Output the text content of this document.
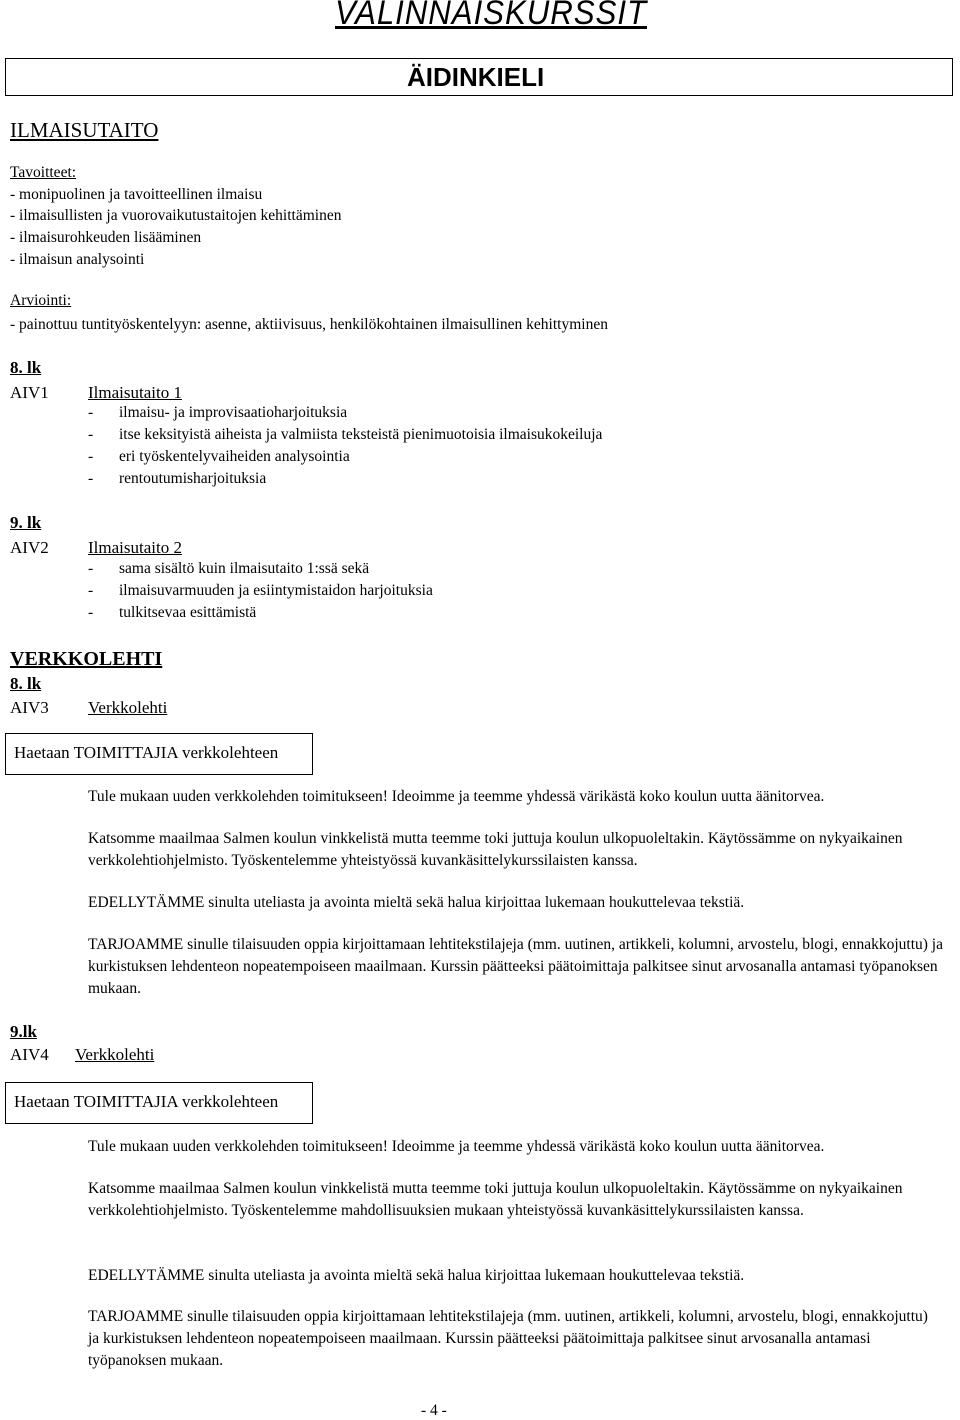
VALINNAISKURSSIT
ÄIDINKIELI
ILMAISUTAITO
Tavoitteet:
- monipuolinen ja tavoitteellinen ilmaisu
- ilmaisullisten ja vuorovaikutustaitojen kehittäminen
- ilmaisurohkeuden lisääminen
- ilmaisun analysointi
Arviointi:
- painottuu tuntityöskentelyyn: asenne, aktiivisuus, henkilökohtainen ilmaisullinen kehittyminen
8. lk
AIV1 Ilmaisutaito 1
- ilmaisu- ja improvisaatioharjoituksia
- itse keksityistä aiheista ja valmiista teksteistä pienimuotoisia ilmaisukokeiluja
- eri työskentelyvaiheiden analysointia
- rentoutumisharjoituksia
9. lk
AIV2 Ilmaisutaito 2
- sama sisältö kuin ilmaisutaito 1:ssä sekä
- ilmaisuvarmuuden ja esiintymistaidon harjoituksia
- tulkitsevaa esittämistä
VERKKOLEHTI
8. lk
AIV3 Verkkolehti
Haetaan TOIMITTAJIA verkkolehteen
Tule mukaan uuden verkkolehden toimitukseen! Ideoimme ja teemme yhdessä värikästä koko koulun uutta äänitorvea.
Katsomme maailmaa Salmen koulun vinkkelistä mutta teemme toki juttuja koulun ulkopuoleltakin. Käytössämme on nykyaikainen verkkolehtiohjelmisto. Työskentelemme yhteistyössä kuvankäsittelykurssilaisten kanssa.
EDELLYTÄMME sinulta uteliasta ja avointa mieltä sekä halua kirjoittaa lukemaan houkuttelevaa tekstiä.
TARJOAMME sinulle tilaisuuden oppia kirjoittamaan lehtitekstilajeja (mm. uutinen, artikkeli, kolumni, arvostelu, blogi, ennakkojuttu) ja kurkistuksen lehdenteon nopeatempoiseen maailmaan. Kurssin päätteeksi päätoimittaja palkitsee sinut arvosanalla antamasi työpanoksen mukaan.
9.lk
AIV4 Verkkolehti
Haetaan TOIMITTAJIA verkkolehteen
Tule mukaan uuden verkkolehden toimitukseen! Ideoimme ja teemme yhdessä värikästä koko koulun uutta äänitorvea.
Katsomme maailmaa Salmen koulun vinkkelistä mutta teemme toki juttuja koulun ulkopuoleltakin. Käytössämme on nykyaikainen verkkolehtiohjelmisto. Työskentelemme mahdollisuuksien mukaan yhteistyössä kuvankäsittelykurssilaisten kanssa.
EDELLYTÄMME sinulta uteliasta ja avointa mieltä sekä halua kirjoittaa lukemaan houkuttelevaa tekstiä.
TARJOAMME sinulle tilaisuuden oppia kirjoittamaan lehtitekstilajeja (mm. uutinen, artikkeli, kolumni, arvostelu, blogi, ennakkojuttu) ja kurkistuksen lehdenteon nopeatempoiseen maailmaan. Kurssin päätteeksi päätoimittaja palkitsee sinut arvosanalla antamasi työpanoksen mukaan.
- 4 -
